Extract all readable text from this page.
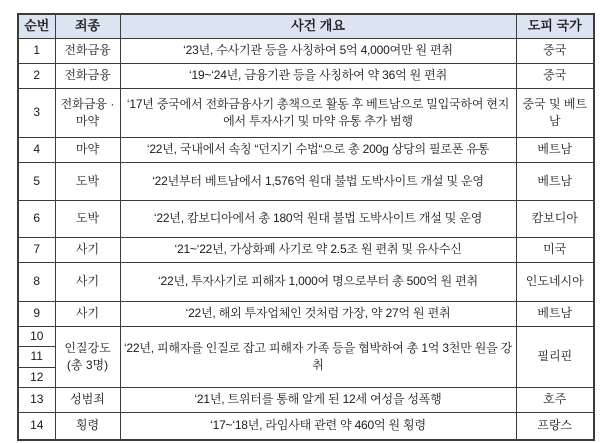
순번	죄종	사건 개요	도피 국가
1	전화금융	‘23년, 수사기관 등을 사칭하여 5억 4,000여만 원 편취	중국
2	전화금융	‘19~‘24년, 금융기관 등을 사칭하여 약 36억 원 편취	중국
3	전화금융 · 마약	‘17년 중국에서 전화금융사기 총책으로 활동 후 베트남으로 밀입국하여 현지에서 투자사기 및 마약 유통 추가 범행	중국 및 베트남
4	마약	‘22년, 국내에서 속칭 “던지기 수법“으로 총 200g 상당의 필로폰 유통	베트남
5	도박	‘22년부터 베트남에서 1,576억 원대 불법 도박사이트 개설 및 운영	베트남
6	도박	‘22년, 캄보디아에서 총 180억 원대 불법 도박사이트 개설 및 운영	캄보디아
7	사기	‘21~‘22년, 가상화폐 사기로 약 2.5조 원 편취 및 유사수신	미국
8	사기	‘22년, 투자사기로 피해자 1,000여 명으로부터 총 500억 원 편취	인도네시아
9	사기	‘22년, 해외 투자업체인 것처럼 가장, 약 27억 원 편취	베트남
10	인질강도 (총 3명)	‘22년, 피해자를 인질로 잡고 피해자 가족 등을 협박하여 총 1억 3천만 원을 강취	필리핀
11			
12			
13	성범죄	‘21년, 트위터를 통해 알게 된 12세 여성을 성폭행	호주
14	횡령	‘17~‘18년, 라임사태 관련 약 460억 원 횡령	프랑스
